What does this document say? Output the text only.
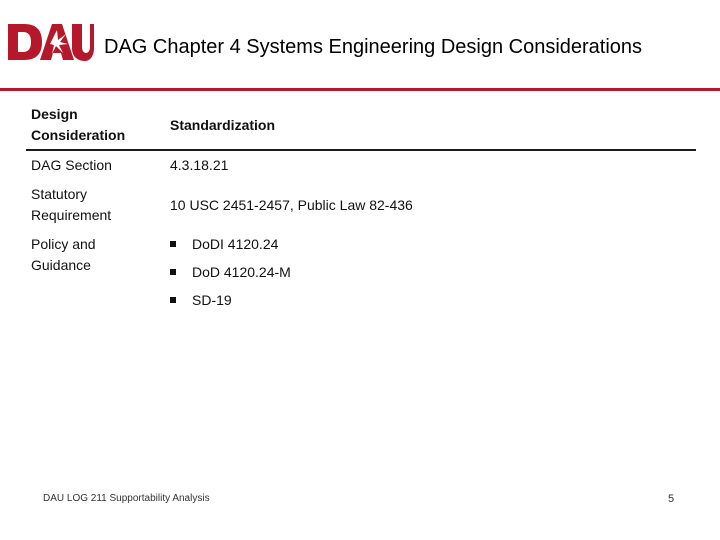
DAG Chapter 4 Systems Engineering Design Considerations
Design Consideration
Standardization
DAG Section	4.3.18.21
Statutory Requirement
10 USC 2451-2457, Public Law 82-436
Policy and Guidance
DoDI 4120.24
DoD 4120.24-M
SD-19
DAU LOG 211 Supportability Analysis	5
